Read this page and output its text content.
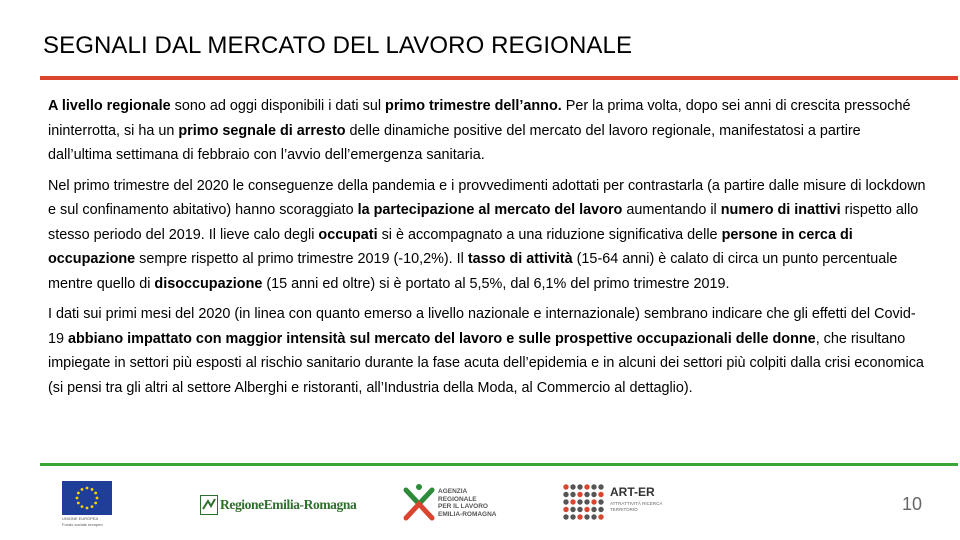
SEGNALI DAL MERCATO DEL LAVORO REGIONALE

A livello regionale sono ad oggi disponibili i dati sul primo trimestre dell’anno. Per la prima volta, dopo sei anni di crescita pressoché ininterrotta, si ha un primo segnale di arresto delle dinamiche positive del mercato del lavoro regionale, manifestatosi a partire dall’ultima settimana di febbraio con l’avvio dell’emergenza sanitaria.

Nel primo trimestre del 2020 le conseguenze della pandemia e i provvedimenti adottati per contrastarla (a partire dalle misure di lockdown e sul confinamento abitativo) hanno scoraggiato la partecipazione al mercato del lavoro aumentando il numero di inattivi rispetto allo stesso periodo del 2019. Il lieve calo degli occupati si è accompagnato a una riduzione significativa delle persone in cerca di occupazione sempre rispetto al primo trimestre 2019 (-10,2%). Il tasso di attività (15-64 anni) è calato di circa un punto percentuale mentre quello di disoccupazione (15 anni ed oltre) si è portato al 5,5%, dal 6,1% del primo trimestre 2019.

I dati sui primi mesi del 2020 (in linea con quanto emerso a livello nazionale e internazionale) sembrano indicare che gli effetti del Covid-19 abbiano impattato con maggior intensità sul mercato del lavoro e sulle prospettive occupazionali delle donne, che risultano impiegate in settori più esposti al rischio sanitario durante la fase acuta dell’epidemia e in alcuni dei settori più colpiti dalla crisi economica (si pensi tra gli altri al settore Alberghi e ristoranti, all’Industria della Moda, al Commercio al dettaglio).

UNIONE EUROPEA
Fondo sociale europeo
RegioneEmilia-Romagna
AGENZIA
REGIONALE
PER IL LAVORO
EMILIA-ROMAGNA
ART-ER
ATTRATTIVITÀ RICERCA TERRITORIO	10
